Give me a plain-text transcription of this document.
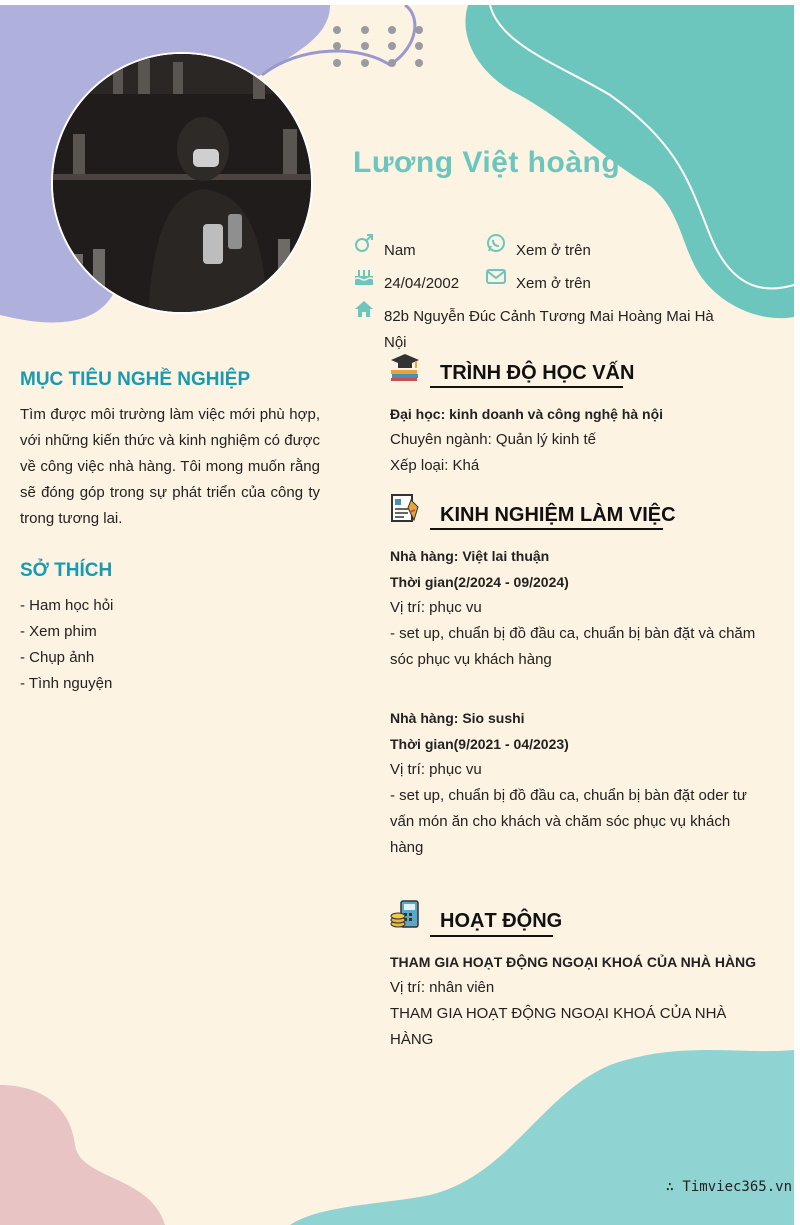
Lương Việt hoàng
Nam	Xem ở trên
24/04/2002	Xem ở trên
82b Nguyễn Đúc Cảnh Tương Mai Hoàng Mai Hà Nội
MỤC TIÊU NGHỀ NGHIỆP
Tìm được môi trường làm việc mới phù hợp, với những kiến thức và kinh nghiệm có được về công việc nhà hàng. Tôi mong muốn rằng sẽ đóng góp trong sự phát triển của công ty trong tương lai.
SỞ THÍCH
- Ham học hỏi
- Xem phim
- Chụp ảnh
- Tình nguyện
TRÌNH ĐỘ HỌC VẤN
Đại học: kinh doanh và công nghệ hà nội
Chuyên ngành: Quản lý kinh tế
Xếp loại: Khá
KINH NGHIỆM LÀM VIỆC
Nhà hàng: Việt lai thuận
Thời gian(2/2024 - 09/2024)
Vị trí: phục vu
- set up, chuẩn bị đồ đầu ca, chuẩn bị bàn đặt và chăm sóc phục vụ khách hàng
Nhà hàng: Sio sushi
Thời gian(9/2021 - 04/2023)
Vị trí: phục vu
- set up, chuẩn bị đồ đầu ca, chuẩn bị bàn đặt oder tư vấn món ăn cho khách và chăm sóc phục vụ khách hàng
HOẠT ĐỘNG
THAM GIA HOẠT ĐỘNG NGOẠI KHOÁ CỦA NHÀ HÀNG
Vị trí: nhân viên
THAM GIA HOẠT ĐỘNG NGOẠI KHOÁ CỦA NHÀ HÀNG
∴ Timviec365.vn
